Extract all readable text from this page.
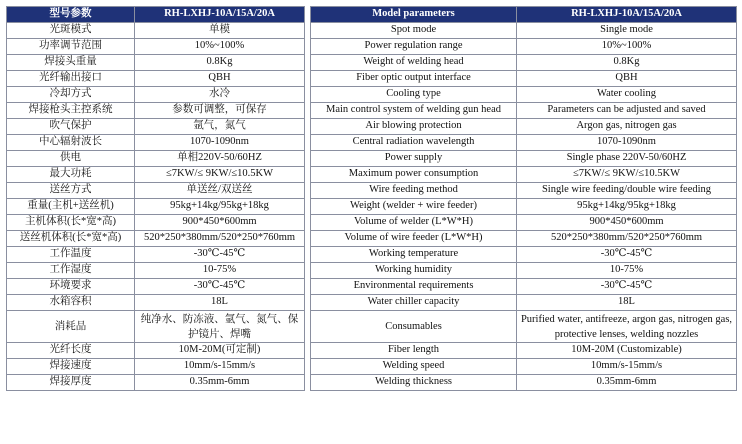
型号参数	RH-LXHJ-10A/15A/20A
光斑模式	单模
功率调节范围	10%~100%
焊接头重量	0.8Kg
光纤输出接口	QBH
冷却方式	水冷
焊接枪头主控系统	参数可调整，可保存
吹气保护	氩气，氮气
中心辐射波长	1070-1090nm
供电	单相220V-50/60HZ
最大功耗	≤7KW/≤ 9KW/≤10.5KW
送丝方式	单送丝/双送丝
重量(主机+送丝机)	95kg+14kg/95kg+18kg
主机体积(长*宽*高)	900*450*600mm
送丝机体积(长*宽*高)	520*250*380mm/520*250*760mm
工作温度	-30℃-45℃
工作湿度	10-75%
环境要求	-30℃-45℃
水箱容积	18L
消耗品	纯净水、防冻液、氩气、氮气、保护镜片、焊嘴
光纤长度	10M-20M(可定制)
焊接速度	10mm/s-15mm/s
焊接厚度	0.35mm-6mm
Model parameters	RH-LXHJ-10A/15A/20A
Spot mode	Single mode
Power regulation range	10%~100%
Weight of welding head	0.8Kg
Fiber optic output interface	QBH
Cooling type	Water cooling
Main control system of welding gun head	Parameters can be adjusted and saved
Air blowing protection	Argon gas, nitrogen gas
Central radiation wavelength	1070-1090nm
Power supply	Single phase 220V-50/60HZ
Maximum power consumption	≤7KW/≤ 9KW/≤10.5KW
Wire feeding method	Single wire feeding/double wire feeding
Weight (welder + wire feeder)	95kg+14kg/95kg+18kg
Volume of welder (L*W*H)	900*450*600mm
Volume of wire feeder (L*W*H)	520*250*380mm/520*250*760mm
Working temperature	-30℃-45℃
Working humidity	10-75%
Environmental requirements	-30℃-45℃
Water chiller capacity	18L
Consumables	Purified water, antifreeze, argon gas, nitrogen gas, protective lenses, welding nozzles
Fiber length	10M-20M (Customizable)
Welding speed	10mm/s-15mm/s
Welding thickness	0.35mm-6mm
